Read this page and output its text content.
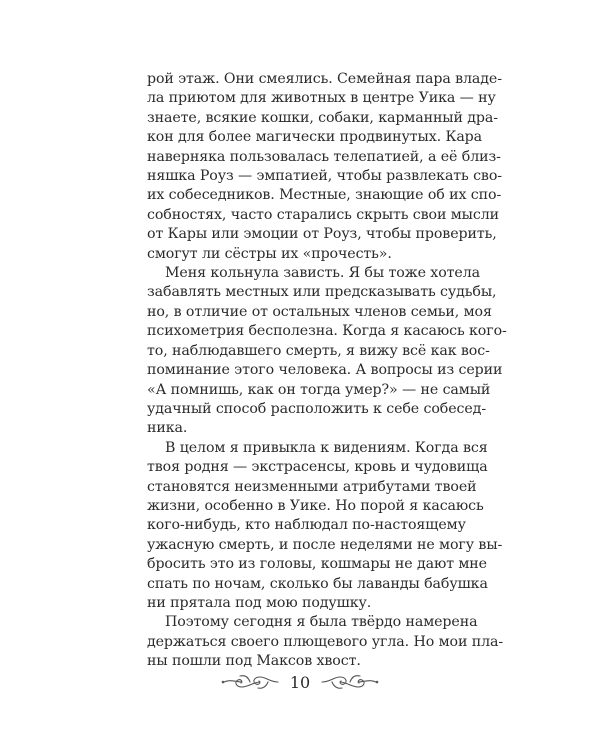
рой этаж. Они смеялись. Семейная пара владе-
ла приютом для животных в центре Уика — ну
знаете, всякие кошки, собаки, карманный дра-
кон для более магически продвинутых. Кара
наверняка пользовалась телепатией, а её близ-
няшка Роуз — эмпатией, чтобы развлекать сво-
их собеседников. Местные, знающие об их спо-
собностях, часто старались скрыть свои мысли
от Кары или эмоции от Роуз, чтобы проверить,
смогут ли сёстры их «прочесть».
Меня кольнула зависть. Я бы тоже хотела
забавлять местных или предсказывать судьбы,
но, в отличие от остальных членов семьи, моя
психометрия бесполезна. Когда я касаюсь кого-
то, наблюдавшего смерть, я вижу всё как вос-
поминание этого человека. А вопросы из серии
«А помнишь, как он тогда умер?» — не самый
удачный способ расположить к себе собесед-
ника.
В целом я привыкла к видениям. Когда вся
твоя родня — экстрасенсы, кровь и чудовища
становятся неизменными атрибутами твоей
жизни, особенно в Уике. Но порой я касаюсь
кого-нибудь, кто наблюдал по-настоящему
ужасную смерть, и после неделями не могу вы-
бросить это из головы, кошмары не дают мне
спать по ночам, сколько бы лаванды бабушка
ни прятала под мою подушку.
Поэтому сегодня я была твёрдо намерена
держаться своего плющевого угла. Но мои пла-
ны пошли под Максов хвост.
10
